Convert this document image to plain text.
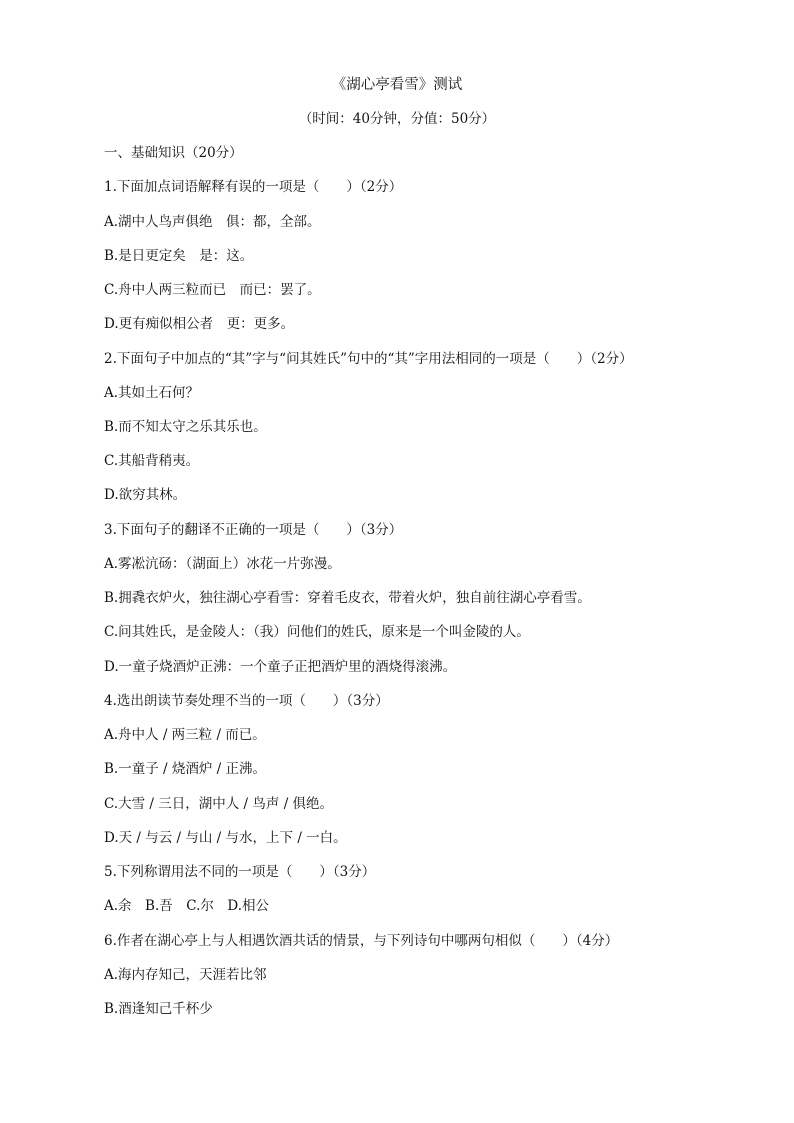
《湖心亭看雪》测试
（时间：40分钟，分值：50分）
一、基础知识（20分）
1.下面加点词语解释有误的一项是（　　）（2分）
A.湖中人鸟声俱绝　俱：都，全部。
B.是日更定矣　是：这。
C.舟中人两三粒而已　而已：罢了。
D.更有痴似相公者　更：更多。
2.下面句子中加点的“其”字与“问其姓氏”句中的“其”字用法相同的一项是（　　）（2分）
A.其如土石何？
B.而不知太守之乐其乐也。
C.其船背稍夷。
D.欲穷其林。
3.下面句子的翻译不正确的一项是（　　）（3分）
A.雾凇沆砀：（湖面上）冰花一片弥漫。
B.拥毳衣炉火，独往湖心亭看雪：穿着毛皮衣，带着火炉，独自前往湖心亭看雪。
C.问其姓氏，是金陵人：（我）问他们的姓氏，原来是一个叫金陵的人。
D.一童子烧酒炉正沸：一个童子正把酒炉里的酒烧得滚沸。
4.选出朗读节奏处理不当的一项（　　）（3分）
A.舟中人 / 两三粒 / 而已。
B.一童子 / 烧酒炉 / 正沸。
C.大雪 / 三日，湖中人 / 鸟声 / 俱绝。
D.天 / 与云 / 与山 / 与水，上下 / 一白。
5.下列称谓用法不同的一项是（　　）（3分）
A.余　B.吾　C.尔　D.相公
6.作者在湖心亭上与人相遇饮酒共话的情景，与下列诗句中哪两句相似（　　）（4分）
A.海内存知己，天涯若比邻
B.酒逢知己千杯少
